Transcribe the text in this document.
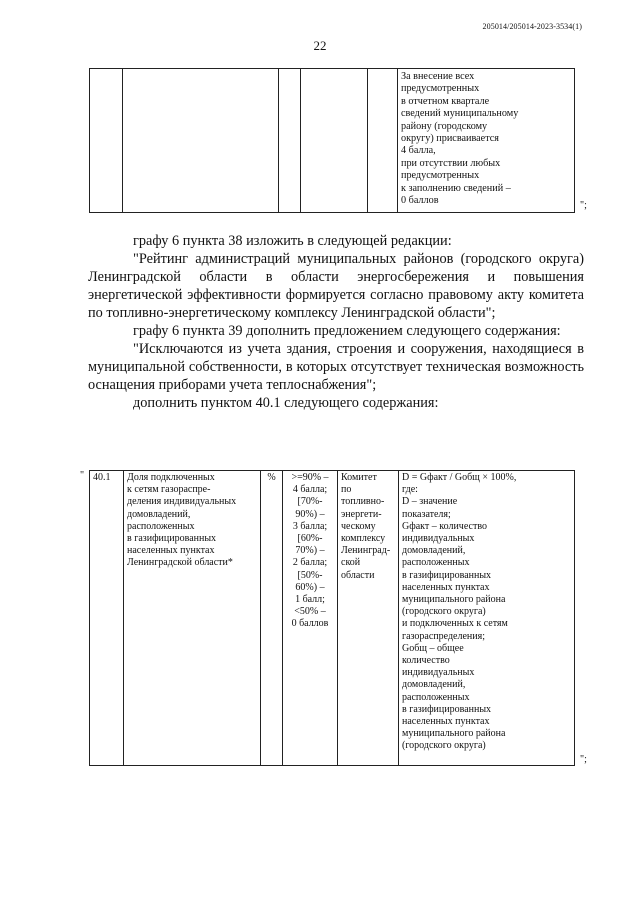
205014/205014-2023-3534(1)
22
					За внесение всех
предусмотренных
в отчетном квартале
сведений муниципальному
району (городскому
округу) присваивается
4 балла,
при отсутствии любых
предусмотренных
к заполнению сведений –
0 баллов	";

графу 6 пункта 38 изложить в следующей редакции:

"Рейтинг администраций муниципальных районов (городского округа) Ленинградской области в области энергосбережения и повышения энергетической эффективности формируется согласно правовому акту комитета по топливно-энергетическому комплексу Ленинградской области";

графу 6 пункта 39 дополнить предложением следующего содержания:

"Исключаются из учета здания, строения и сооружения, находящиеся в муниципальной собственности, в которых отсутствует техническая возможность оснащения приборами учета теплоснабжения";

дополнить пунктом 40.1 следующего содержания:

" 40.1	Доля подключенных
к сетям газораспре-
деления индивидуальных
домовладений,
расположенных
в газифицированных
населенных пунктах
Ленинградской области*	%	>=90% –
4 балла;
[70%-
90%) –
3 балла;
[60%-
70%) –
2 балла;
[50%-
60%) –
1 балл;
<50% –
0 баллов	Комитет
по топливно-
энергети-
ческому
комплексу
Ленинград-
ской области	D = Gфакт / Gобщ × 100%,
где:
D – значение
показателя;
Gфакт – количество
индивидуальных
домовладений,
расположенных
в газифицированных
населенных пунктах
муниципального района
(городского округа)
и подключенных к сетям
газораспределения;
Gобщ – общее
количество
индивидуальных
домовладений,
расположенных
в газифицированных
населенных пунктах
муниципального района
(городского округа)
";
